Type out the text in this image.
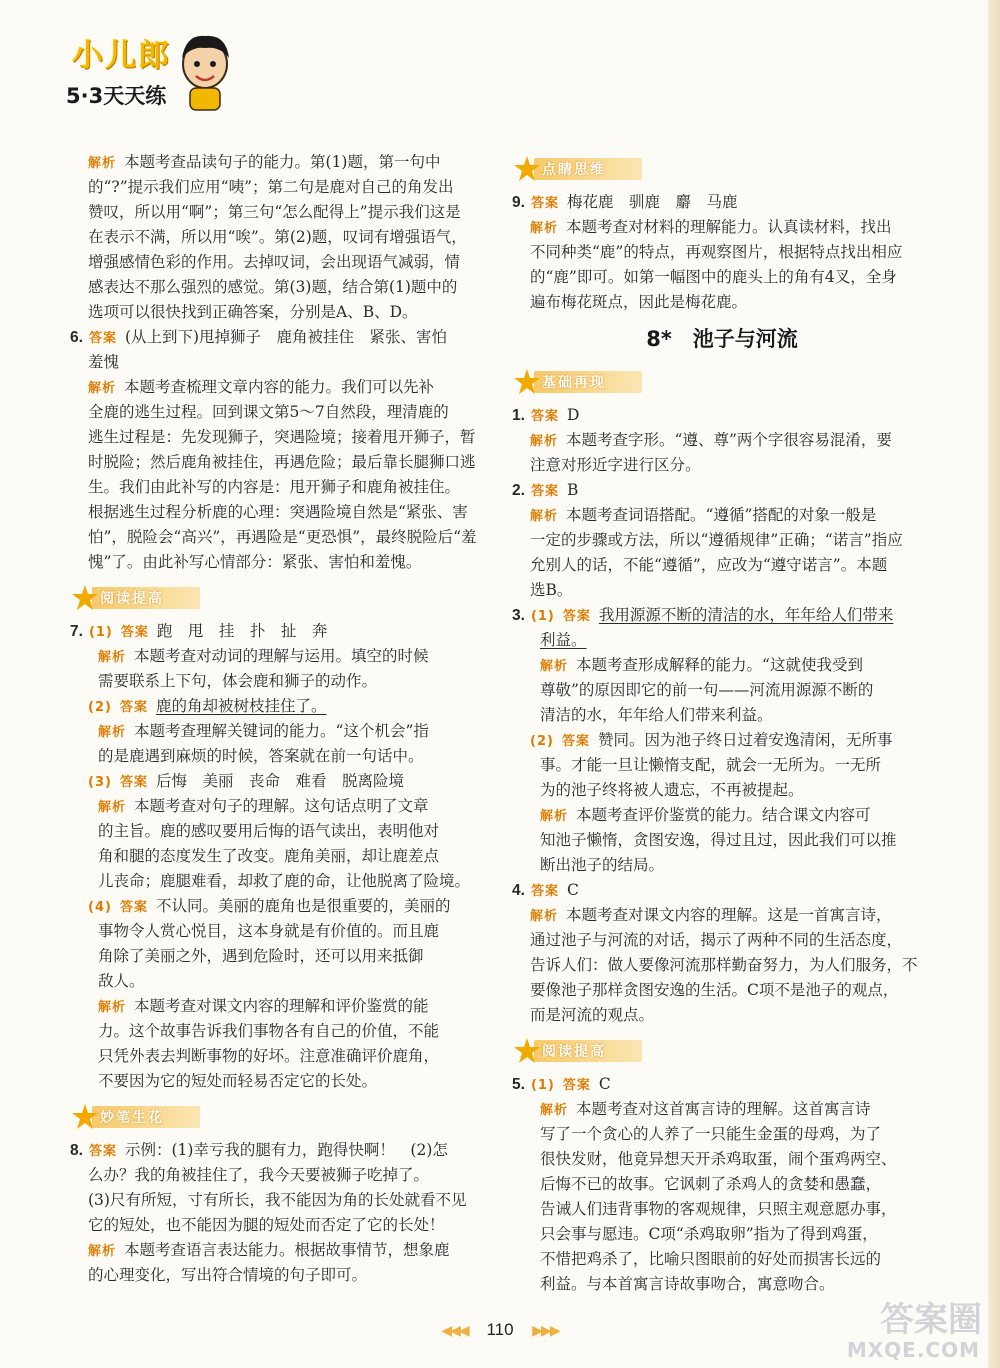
小儿郎
5·3天天练
解析 本题考查品读句子的能力。第(1)题，第一句中
的“?”提示我们应用“咦”；第二句是鹿对自己的角发出
赞叹，所以用“啊”；第三句“怎么配得上”提示我们这是
在表示不满，所以用“唉”。第(2)题，叹词有增强语气，
增强感情色彩的作用。去掉叹词，会出现语气减弱，情
感表达不那么强烈的感觉。第(3)题，结合第(1)题中的
选项可以很快找到正确答案，分别是A、B、D。
6. 答案 (从上到下)甩掉狮子　鹿角被挂住　紧张、害怕
羞愧
解析 本题考查梳理文章内容的能力。我们可以先补
全鹿的逃生过程。回到课文第5～7自然段，理清鹿的
逃生过程是：先发现狮子，突遇险境；接着甩开狮子，暂
时脱险；然后鹿角被挂住，再遇危险；最后靠长腿狮口逃
生。我们由此补写的内容是：甩开狮子和鹿角被挂住。
根据逃生过程分析鹿的心理：突遇险境自然是“紧张、害
怕”，脱险会“高兴”，再遇险是“更恐惧”，最终脱险后“羞
愧”了。由此补写心情部分：紧张、害怕和羞愧。
阅读提高
7. (1) 答案 跑　甩　挂　扑　扯　奔
解析 本题考查对动词的理解与运用。填空的时候
需要联系上下句，体会鹿和狮子的动作。
(2) 答案 鹿的角却被树枝挂住了。
解析 本题考查理解关键词的能力。“这个机会”指
的是鹿遇到麻烦的时候，答案就在前一句话中。
(3) 答案 后悔　美丽　丧命　难看　脱离险境
解析 本题考查对句子的理解。这句话点明了文章
的主旨。鹿的感叹要用后悔的语气读出，表明他对
角和腿的态度发生了改变。鹿角美丽，却让鹿差点
儿丧命；鹿腿难看，却救了鹿的命，让他脱离了险境。
(4) 答案 不认同。美丽的鹿角也是很重要的，美丽的
事物令人赏心悦目，这本身就是有价值的。而且鹿
角除了美丽之外，遇到危险时，还可以用来抵御
敌人。
解析 本题考查对课文内容的理解和评价鉴赏的能
力。这个故事告诉我们事物各有自己的价值，不能
只凭外表去判断事物的好坏。注意准确评价鹿角，
不要因为它的短处而轻易否定它的长处。
妙笔生花
8. 答案 示例：(1)幸亏我的腿有力，跑得快啊！　(2)怎
么办？我的角被挂住了，我今天要被狮子吃掉了。
(3)尺有所短，寸有所长，我不能因为角的长处就看不见
它的短处，也不能因为腿的短处而否定了它的长处！
解析 本题考查语言表达能力。根据故事情节，想象鹿
的心理变化，写出符合情境的句子即可。
点睛思维
9. 答案 梅花鹿　驯鹿　麝　马鹿
解析 本题考查对材料的理解能力。认真读材料，找出
不同种类“鹿”的特点，再观察图片，根据特点找出相应
的“鹿”即可。如第一幅图中的鹿头上的角有4叉，全身
遍布梅花斑点，因此是梅花鹿。
8*　池子与河流
基础再现
1. 答案 D
解析 本题考查字形。“遵、尊”两个字很容易混淆，要
注意对形近字进行区分。
2. 答案 B
解析 本题考查词语搭配。“遵循”搭配的对象一般是
一定的步骤或方法，所以“遵循规律”正确；“诺言”指应
允别人的话，不能“遵循”，应改为“遵守诺言”。本题
选B。
3. (1) 答案 我用源源不断的清洁的水，年年给人们带来
利益。
解析 本题考查形成解释的能力。“这就使我受到
尊敬”的原因即它的前一句——河流用源源不断的
清洁的水，年年给人们带来利益。
(2) 答案 赞同。因为池子终日过着安逸清闲，无所事
事。才能一旦让懒惰支配，就会一无所为。一无所
为的池子终将被人遗忘，不再被提起。
解析 本题考查评价鉴赏的能力。结合课文内容可
知池子懒惰，贪图安逸，得过且过，因此我们可以推
断出池子的结局。
4. 答案 C
解析 本题考查对课文内容的理解。这是一首寓言诗，
通过池子与河流的对话，揭示了两种不同的生活态度，
告诉人们：做人要像河流那样勤奋努力，为人们服务，不
要像池子那样贪图安逸的生活。C项不是池子的观点，
而是河流的观点。
阅读提高
5. (1) 答案 C
解析 本题考查对这首寓言诗的理解。这首寓言诗
写了一个贪心的人养了一只能生金蛋的母鸡，为了
很快发财，他竟异想天开杀鸡取蛋，闹个蛋鸡两空、
后悔不已的故事。它讽刺了杀鸡人的贪婪和愚蠢，
告诫人们违背事物的客观规律，只照主观意愿办事，
只会事与愿违。C项“杀鸡取卵”指为了得到鸡蛋，
不惜把鸡杀了，比喻只图眼前的好处而损害长远的
利益。与本首寓言诗故事吻合，寓意吻合。
◀◀◀ 110 ▶▶▶	答案圈
MXQE.COM
